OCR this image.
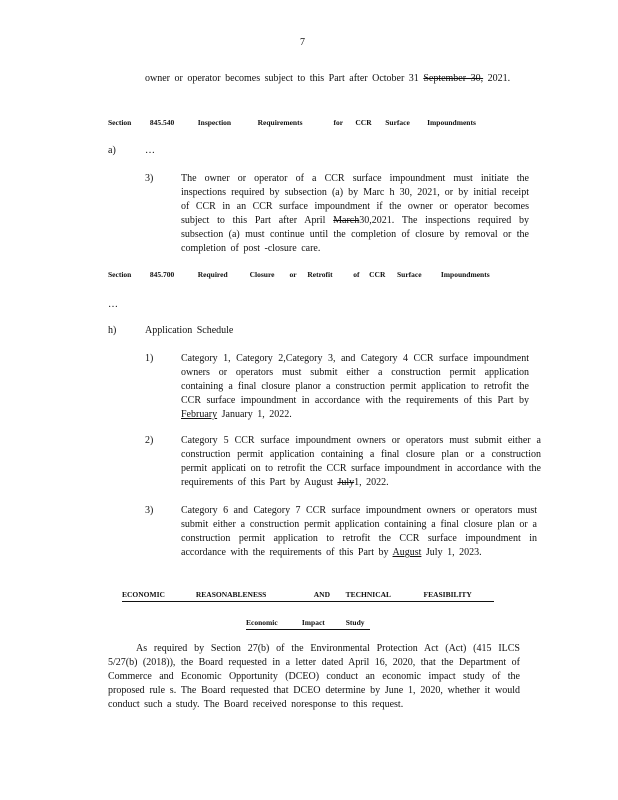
7
owner or operator becomes subject to this Part after October 31 September 30, 2021.
Section 845.540	Inspection	Requirements	for CCR Surface Impoundments
a)	…
3)	The owner or operator of a CCR surface impoundment must initiate the inspections required by subsection (a) by Marc h 30, 2021, or by initial receipt of CCR in an CCR surface impoundment if the owner or operator becomes subject to this Part after April March30,2021. The inspections required by subsection (a) must continue until the completion of closure by removal or the completion of post -closure care.
Section 845.700	Required	Closure or Retrofit	of CCR Surface	Impoundments
…
h)	Application Schedule
1)	Category 1, Category 2,Category 3, and Category 4 CCR surface impoundment owners or operators must submit either a construction permit application containing a final closure planor a construction permit application to retrofit the CCR surface impoundment in accordance with the requirements of this Part by February January 1, 2022.
2)	Category 5 CCR surface impoundment owners or operators must submit either a construction permit application containing a final closure plan or a construction permit applicati on to retrofit the CCR surface impoundment in accordance with the requirements of this Part by August July1, 2022.
3)	Category 6 and Category 7 CCR surface impoundment owners or operators must submit either a construction permit application containing a final closure plan or a construction permit application to retrofit the CCR surface impoundment in accordance with the requirements of this Part by August July 1, 2023.
ECONOMIC	REASONABLENESS	AND TECHNICAL	FEASIBILITY
Economic	Impact	Study
As required by Section 27(b) of the Environmental Protection Act (Act) (415 ILCS 5/27(b) (2018)), the Board requested in a letter dated April 16, 2020, that the Department of Commerce and Economic Opportunity (DCEO) conduct an economic impact study of the proposed rule s. The Board requested that DCEO determine by June 1, 2020, whether it would conduct such a study. The Board received noresponse to this request.
